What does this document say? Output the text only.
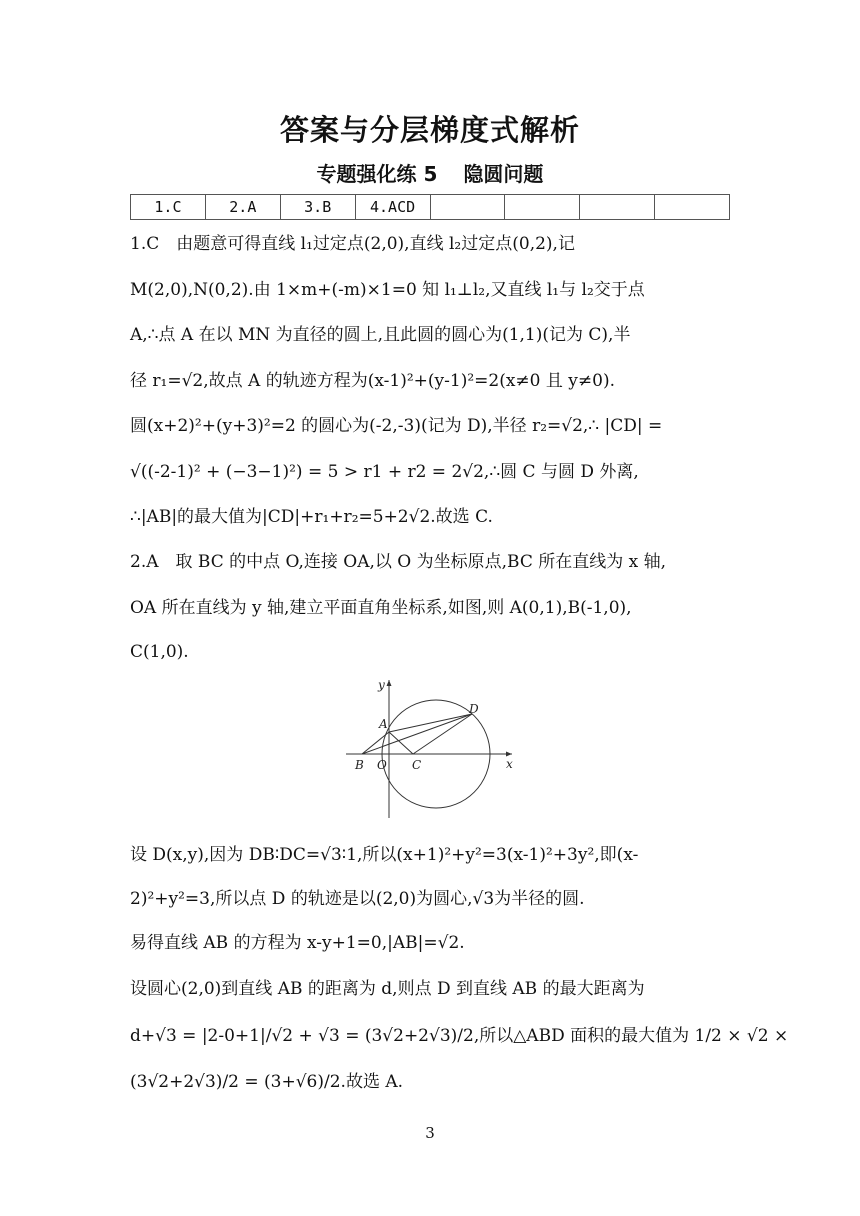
答案与分层梯度式解析
专题强化练 5 隐圆问题
1.C	2.A	3.B	4.ACD				
1.C　由题意可得直线 l₁过定点(2,0),直线 l₂过定点(0,2),记
M(2,0),N(0,2).由 1×m+(-m)×1=0 知 l₁⊥l₂,又直线 l₁与 l₂交于点
A,∴点 A 在以 MN 为直径的圆上,且此圆的圆心为(1,1)(记为 C),半
径 r₁=√2,故点 A 的轨迹方程为(x-1)²+(y-1)²=2(x≠0 且 y≠0).
圆(x+2)²+(y+3)²=2 的圆心为(-2,-3)(记为 D),半径 r₂=√2,∴ |CD| =
√((-2-1)² + (−3−1)²) = 5 > r1 + r2 = 2√2,∴圆 C 与圆 D 外离,
∴|AB|的最大值为|CD|+r₁+r₂=5+2√2.故选 C.
2.A　取 BC 的中点 O,连接 OA,以 O 为坐标原点,BC 所在直线为 x 轴,
OA 所在直线为 y 轴,建立平面直角坐标系,如图,则 A(0,1),B(-1,0),
C(1,0).
y
x
A
B O C
D
设 D(x,y),因为 DB∶DC=√3∶1,所以(x+1)²+y²=3(x-1)²+3y²,即(x-
2)²+y²=3,所以点 D 的轨迹是以(2,0)为圆心,√3为半径的圆.
易得直线 AB 的方程为 x-y+1=0,|AB|=√2.
设圆心(2,0)到直线 AB 的距离为 d,则点 D 到直线 AB 的最大距离为
d+√3 = |2-0+1|/√2 + √3 = (3√2+2√3)/2,所以△ABD 面积的最大值为 1/2 × √2 ×
(3√2+2√3)/2 = (3+√6)/2.故选 A.
3
